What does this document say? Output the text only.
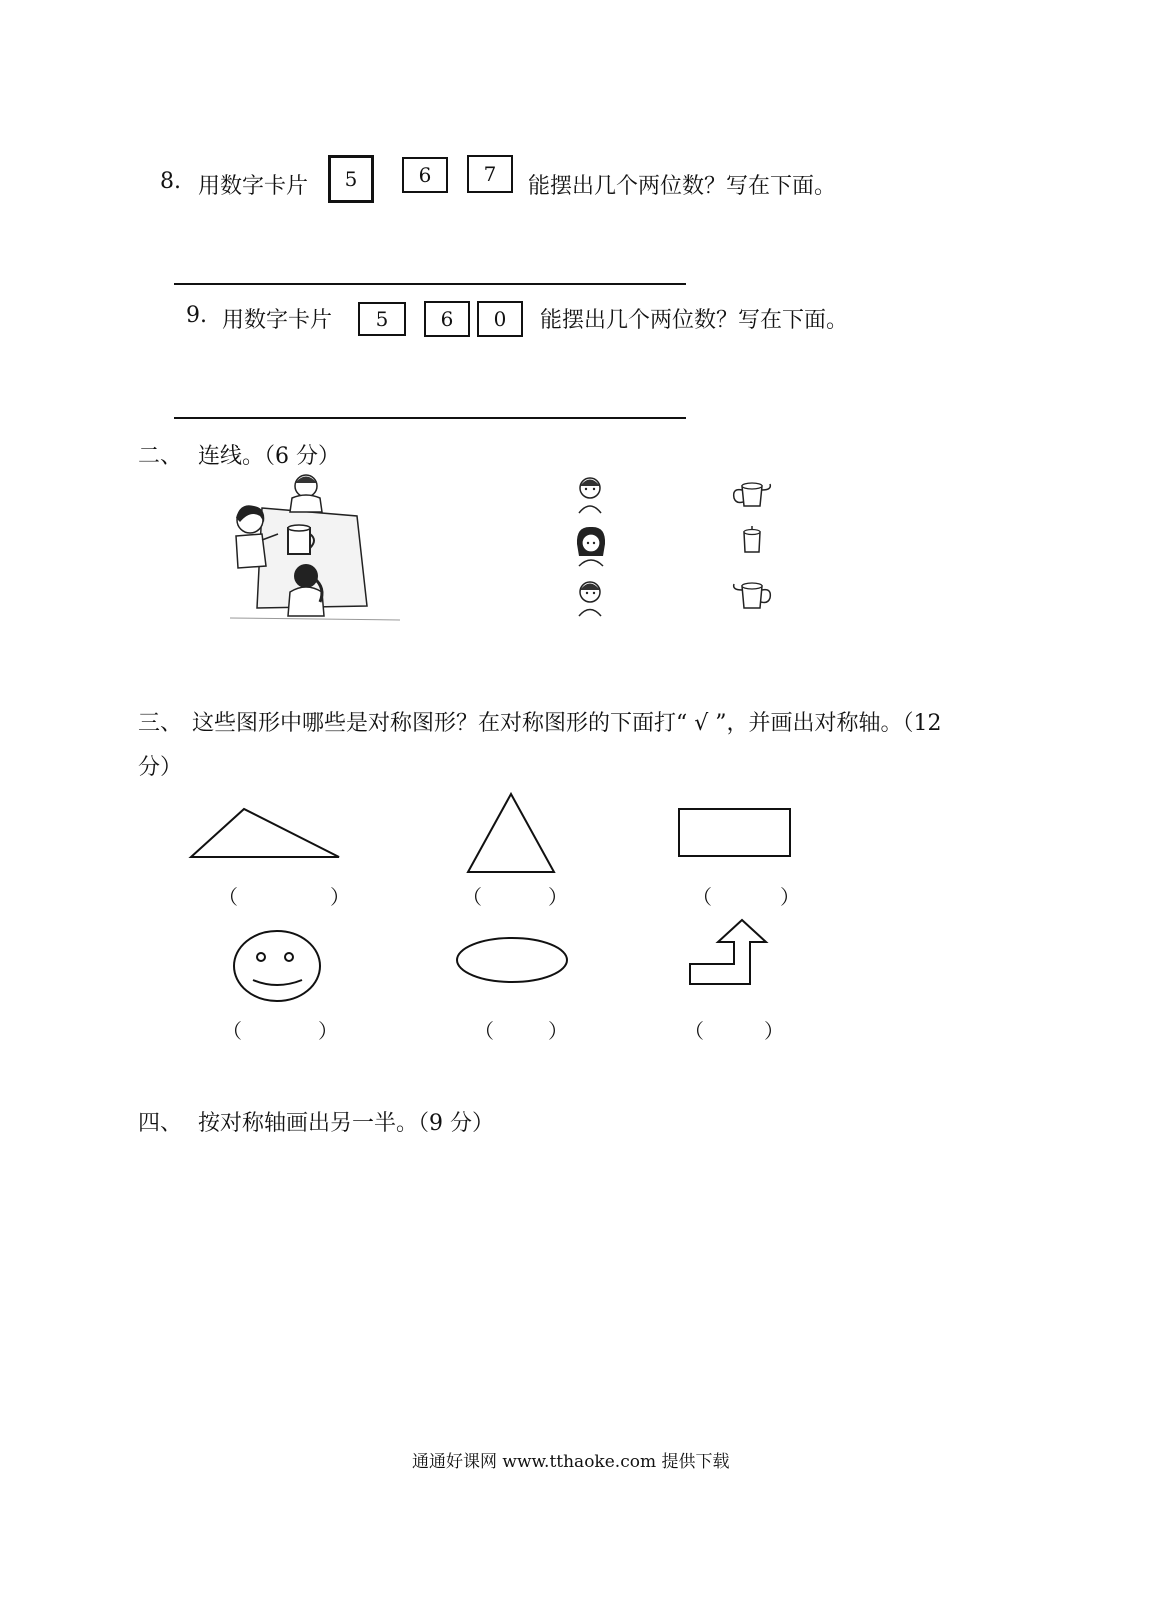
8. 用数字卡片	5	6	7	能摆出几个两位数？写在下面。
9. 用数字卡片	5	6	0	能摆出几个两位数？写在下面。
二、 连线。（6 分）
三、 这些图形中哪些是对称图形？在对称图形的下面打“ √ ”，并画出对称轴。（12
分）
（	）	（	）	（	）
（	）	（	）	（	）
四、 按对称轴画出另一半。（9 分）
通通好课网 www.tthaoke.com 提供下载
